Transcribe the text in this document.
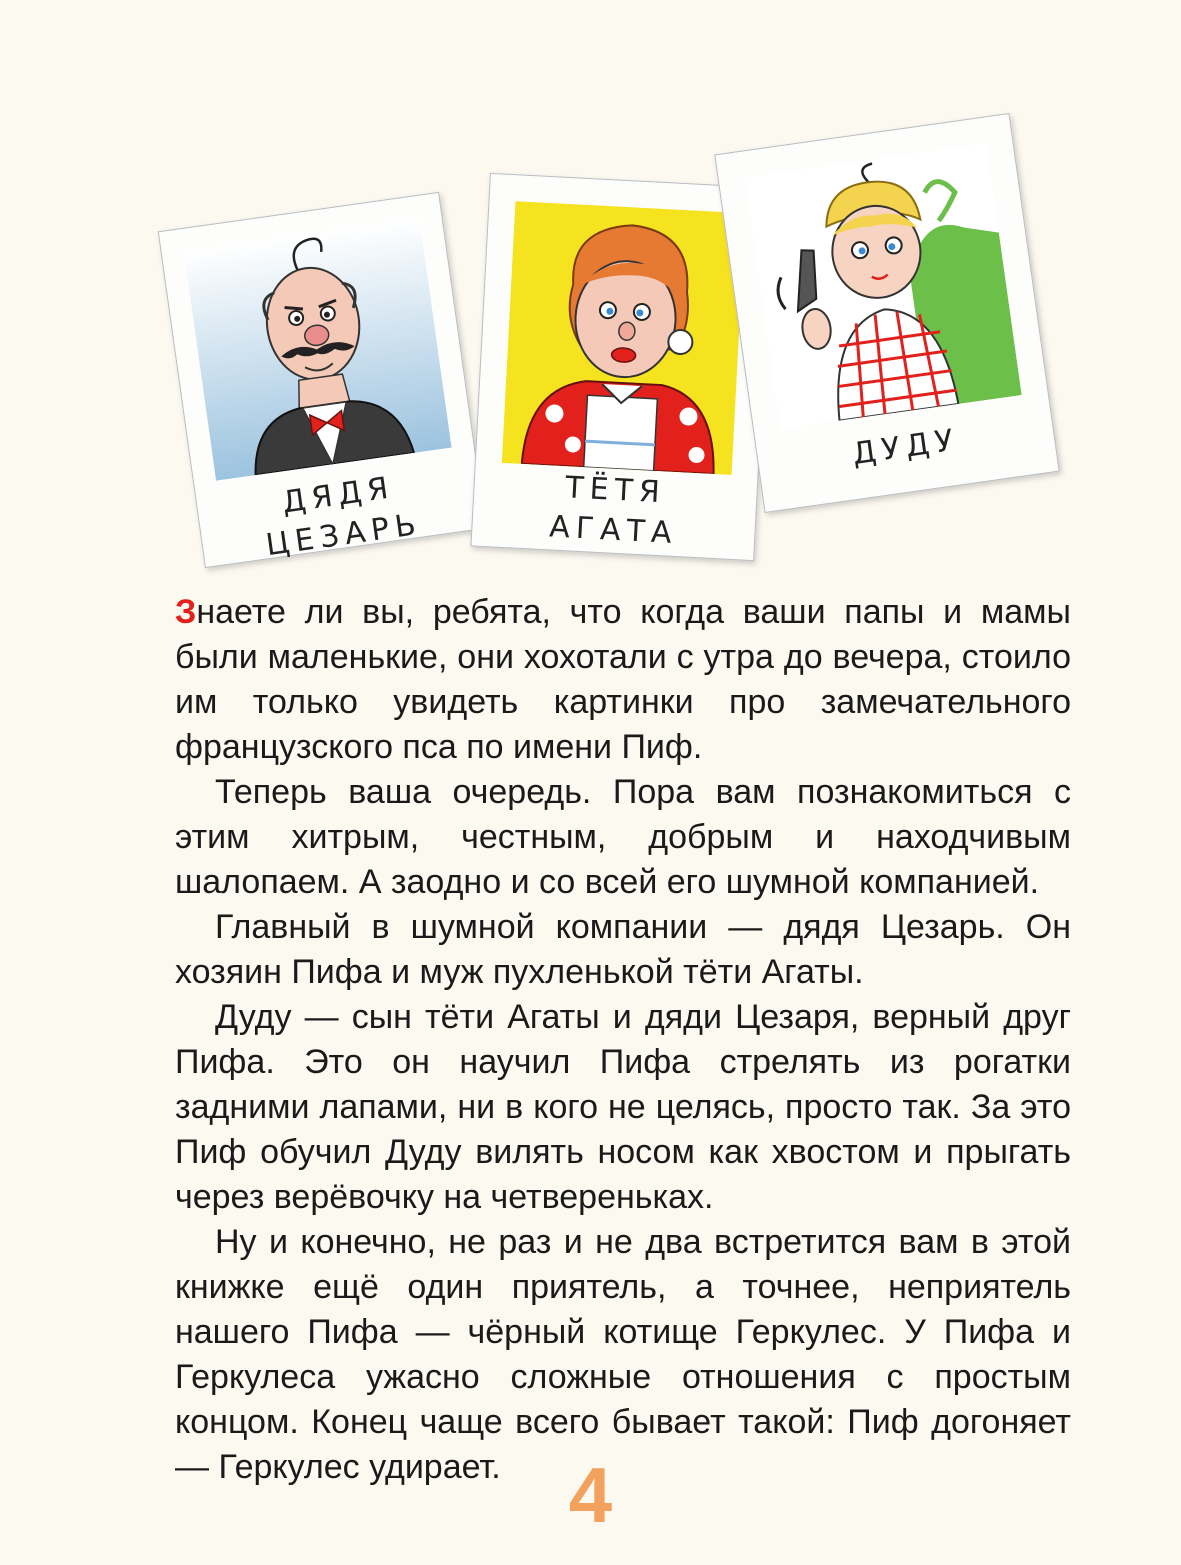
ДЯДЯ
ЦЕЗАРЬ
ТЁТЯ
АГАТА
ДУДУ

Знаете ли вы, ребята, что когда ваши папы и мамы были маленькие, они хохотали с утра до вечера, стоило им только увидеть картинки про замечательного французского пса по имени Пиф.

Теперь ваша очередь. Пора вам познакомиться с этим хитрым, честным, добрым и находчивым шалопаем. А заодно и со всей его шумной компанией.

Главный в шумной компании — дядя Цезарь. Он хозяин Пифа и муж пухленькой тёти Агаты.

Дуду — сын тёти Агаты и дяди Цезаря, верный друг Пифа. Это он научил Пифа стрелять из рогатки задними лапами, ни в кого не целясь, просто так. За это Пиф обучил Дуду вилять носом как хвостом и прыгать через верёвочку на четвереньках.

Ну и конечно, не раз и не два встретится вам в этой книжке ещё один приятель, а точнее, неприятель нашего Пифа — чёрный котище Геркулес. У Пифа и Геркулеса ужасно сложные отношения с простым концом. Конец чаще всего бывает такой: Пиф догоняет — Геркулес удирает. 4
